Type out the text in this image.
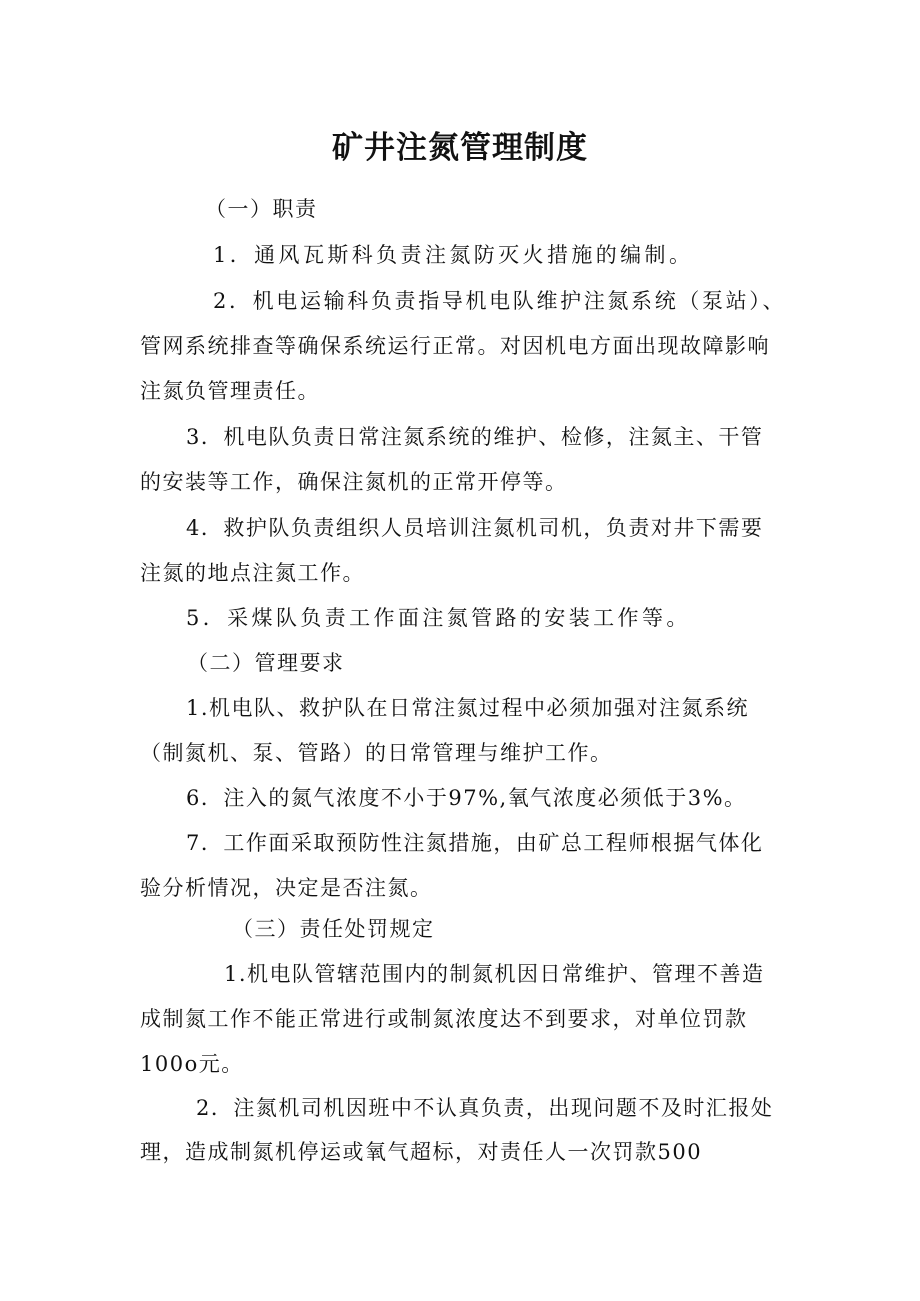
矿井注氮管理制度
（一）职责
1．通风瓦斯科负责注氮防灭火措施的编制。
2．机电运输科负责指导机电队维护注氮系统（泵站）、
管网系统排查等确保系统运行正常。对因机电方面出现故障影响
注氮负管理责任。
3．机电队负责日常注氮系统的维护、检修，注氮主、干管
的安装等工作，确保注氮机的正常开停等。
4．救护队负责组织人员培训注氮机司机，负责对井下需要
注氮的地点注氮工作。
5．采煤队负责工作面注氮管路的安装工作等。
（二）管理要求
1.机电队、救护队在日常注氮过程中必须加强对注氮系统
（制氮机、泵、管路）的日常管理与维护工作。
6．注入的氮气浓度不小于97%,氧气浓度必须低于3%。
7．工作面采取预防性注氮措施，由矿总工程师根据气体化
验分析情况，决定是否注氮。
（三）责任处罚规定
1.机电队管辖范围内的制氮机因日常维护、管理不善造
成制氮工作不能正常进行或制氮浓度达不到要求，对单位罚款
100o元。
2．注氮机司机因班中不认真负责，出现问题不及时汇报处
理，造成制氮机停运或氧气超标，对责任人一次罚款500
